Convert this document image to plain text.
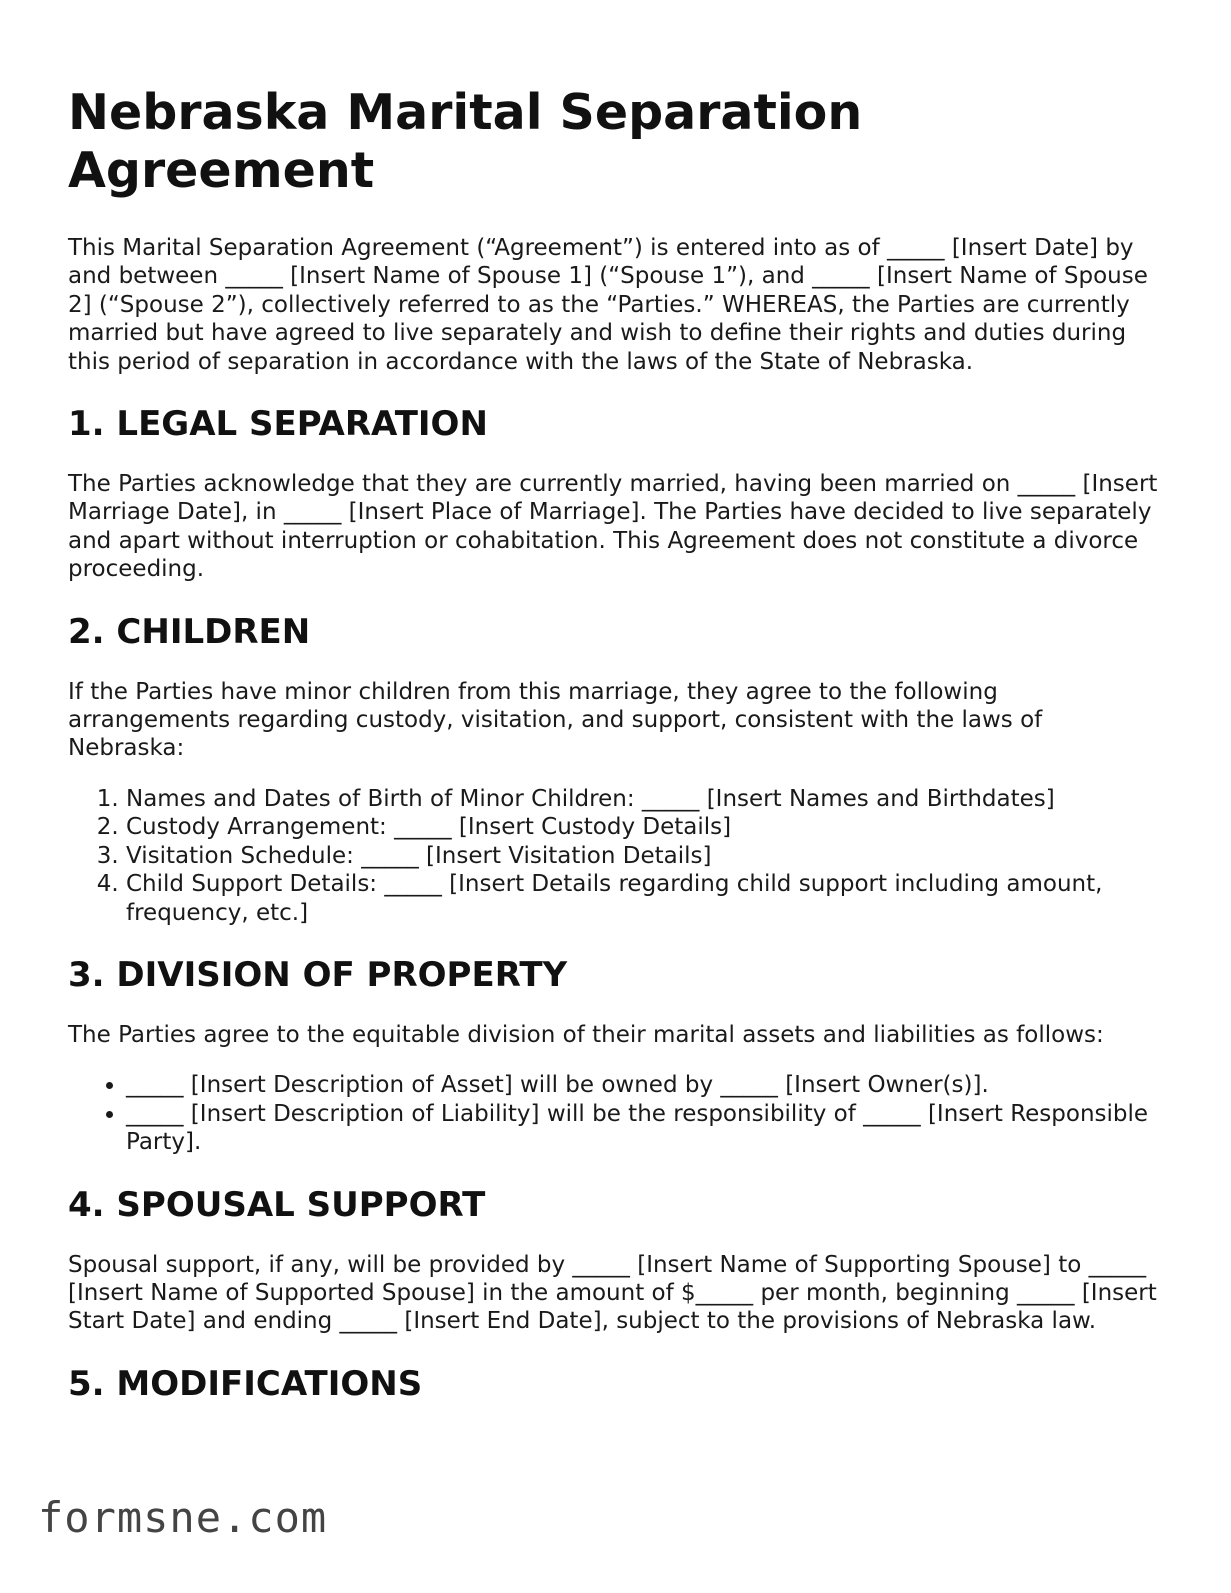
Nebraska Marital Separation Agreement

This Marital Separation Agreement (“Agreement”) is entered into as of _____ [Insert Date] by and between _____ [Insert Name of Spouse 1] (“Spouse 1”), and _____ [Insert Name of Spouse 2] (“Spouse 2”), collectively referred to as the “Parties.” WHEREAS, the Parties are currently married but have agreed to live separately and wish to define their rights and duties during this period of separation in accordance with the laws of the State of Nebraska.

1. LEGAL SEPARATION

The Parties acknowledge that they are currently married, having been married on _____ [Insert Marriage Date], in _____ [Insert Place of Marriage]. The Parties have decided to live separately and apart without interruption or cohabitation. This Agreement does not constitute a divorce proceeding.

2. CHILDREN

If the Parties have minor children from this marriage, they agree to the following arrangements regarding custody, visitation, and support, consistent with the laws of Nebraska:

1. Names and Dates of Birth of Minor Children: _____ [Insert Names and Birthdates]
2. Custody Arrangement: _____ [Insert Custody Details]
3. Visitation Schedule: _____ [Insert Visitation Details]
4. Child Support Details: _____ [Insert Details regarding child support including amount, frequency, etc.]
3. DIVISION OF PROPERTY

The Parties agree to the equitable division of their marital assets and liabilities as follows:

• _____ [Insert Description of Asset] will be owned by _____ [Insert Owner(s)].
• _____ [Insert Description of Liability] will be the responsibility of _____ [Insert Responsible Party].
4. SPOUSAL SUPPORT

Spousal support, if any, will be provided by _____ [Insert Name of Supporting Spouse] to _____ [Insert Name of Supported Spouse] in the amount of $_____ per month, beginning _____ [Insert Start Date] and ending _____ [Insert End Date], subject to the provisions of Nebraska law.

5. MODIFICATIONS
formsne.com
